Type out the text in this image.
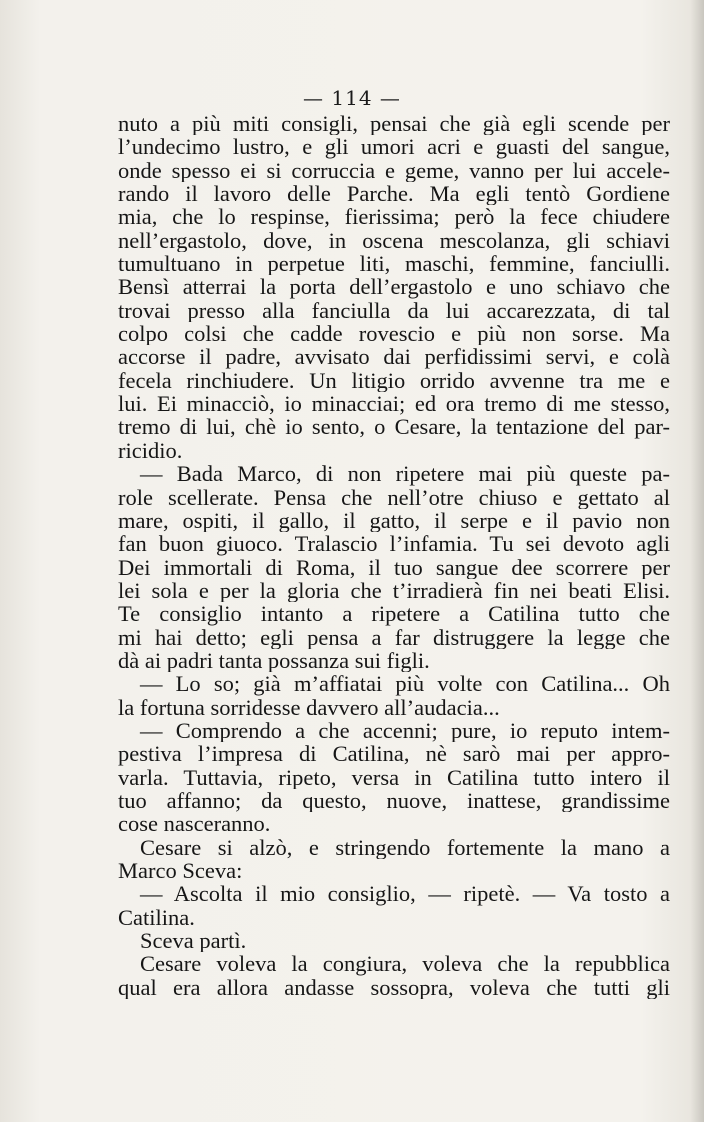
— 114 —
nuto a più miti consigli, pensai che già egli scende per
l’undecimo lustro, e gli umori acri e guasti del sangue,
onde spesso ei si corruccia e geme, vanno per lui accele-
rando il lavoro delle Parche. Ma egli tentò Gordiene
mia, che lo respinse, fierissima; però la fece chiudere
nell’ergastolo, dove, in oscena mescolanza, gli schiavi
tumultuano in perpetue liti, maschi, femmine, fanciulli.
Bensì atterrai la porta dell’ergastolo e uno schiavo che
trovai presso alla fanciulla da lui accarezzata, di tal
colpo colsi che cadde rovescio e più non sorse. Ma
accorse il padre, avvisato dai perfidissimi servi, e colà
fecela rinchiudere. Un litigio orrido avvenne tra me e
lui. Ei minacciò, io minacciai; ed ora tremo di me stesso,
tremo di lui, chè io sento, o Cesare, la tentazione del par-
ricidio.
— Bada Marco, di non ripetere mai più queste pa-
role scellerate. Pensa che nell’otre chiuso e gettato al
mare, ospiti, il gallo, il gatto, il serpe e il pavio non
fan buon giuoco. Tralascio l’infamia. Tu sei devoto agli
Dei immortali di Roma, il tuo sangue dee scorrere per
lei sola e per la gloria che t’irradierà fin nei beati Elisi.
Te consiglio intanto a ripetere a Catilina tutto che
mi hai detto; egli pensa a far distruggere la legge che
dà ai padri tanta possanza sui figli.
— Lo so; già m’affiatai più volte con Catilina... Oh
la fortuna sorridesse davvero all’audacia...
— Comprendo a che accenni; pure, io reputo intem-
pestiva l’impresa di Catilina, nè sarò mai per appro-
varla. Tuttavia, ripeto, versa in Catilina tutto intero il
tuo affanno; da questo, nuove, inattese, grandissime
cose nasceranno.
Cesare si alzò, e stringendo fortemente la mano a
Marco Sceva:
— Ascolta il mio consiglio, — ripetè. — Va tosto a
Catilina.
Sceva partì.
Cesare voleva la congiura, voleva che la repubblica
qual era allora andasse sossopra, voleva che tutti gli
